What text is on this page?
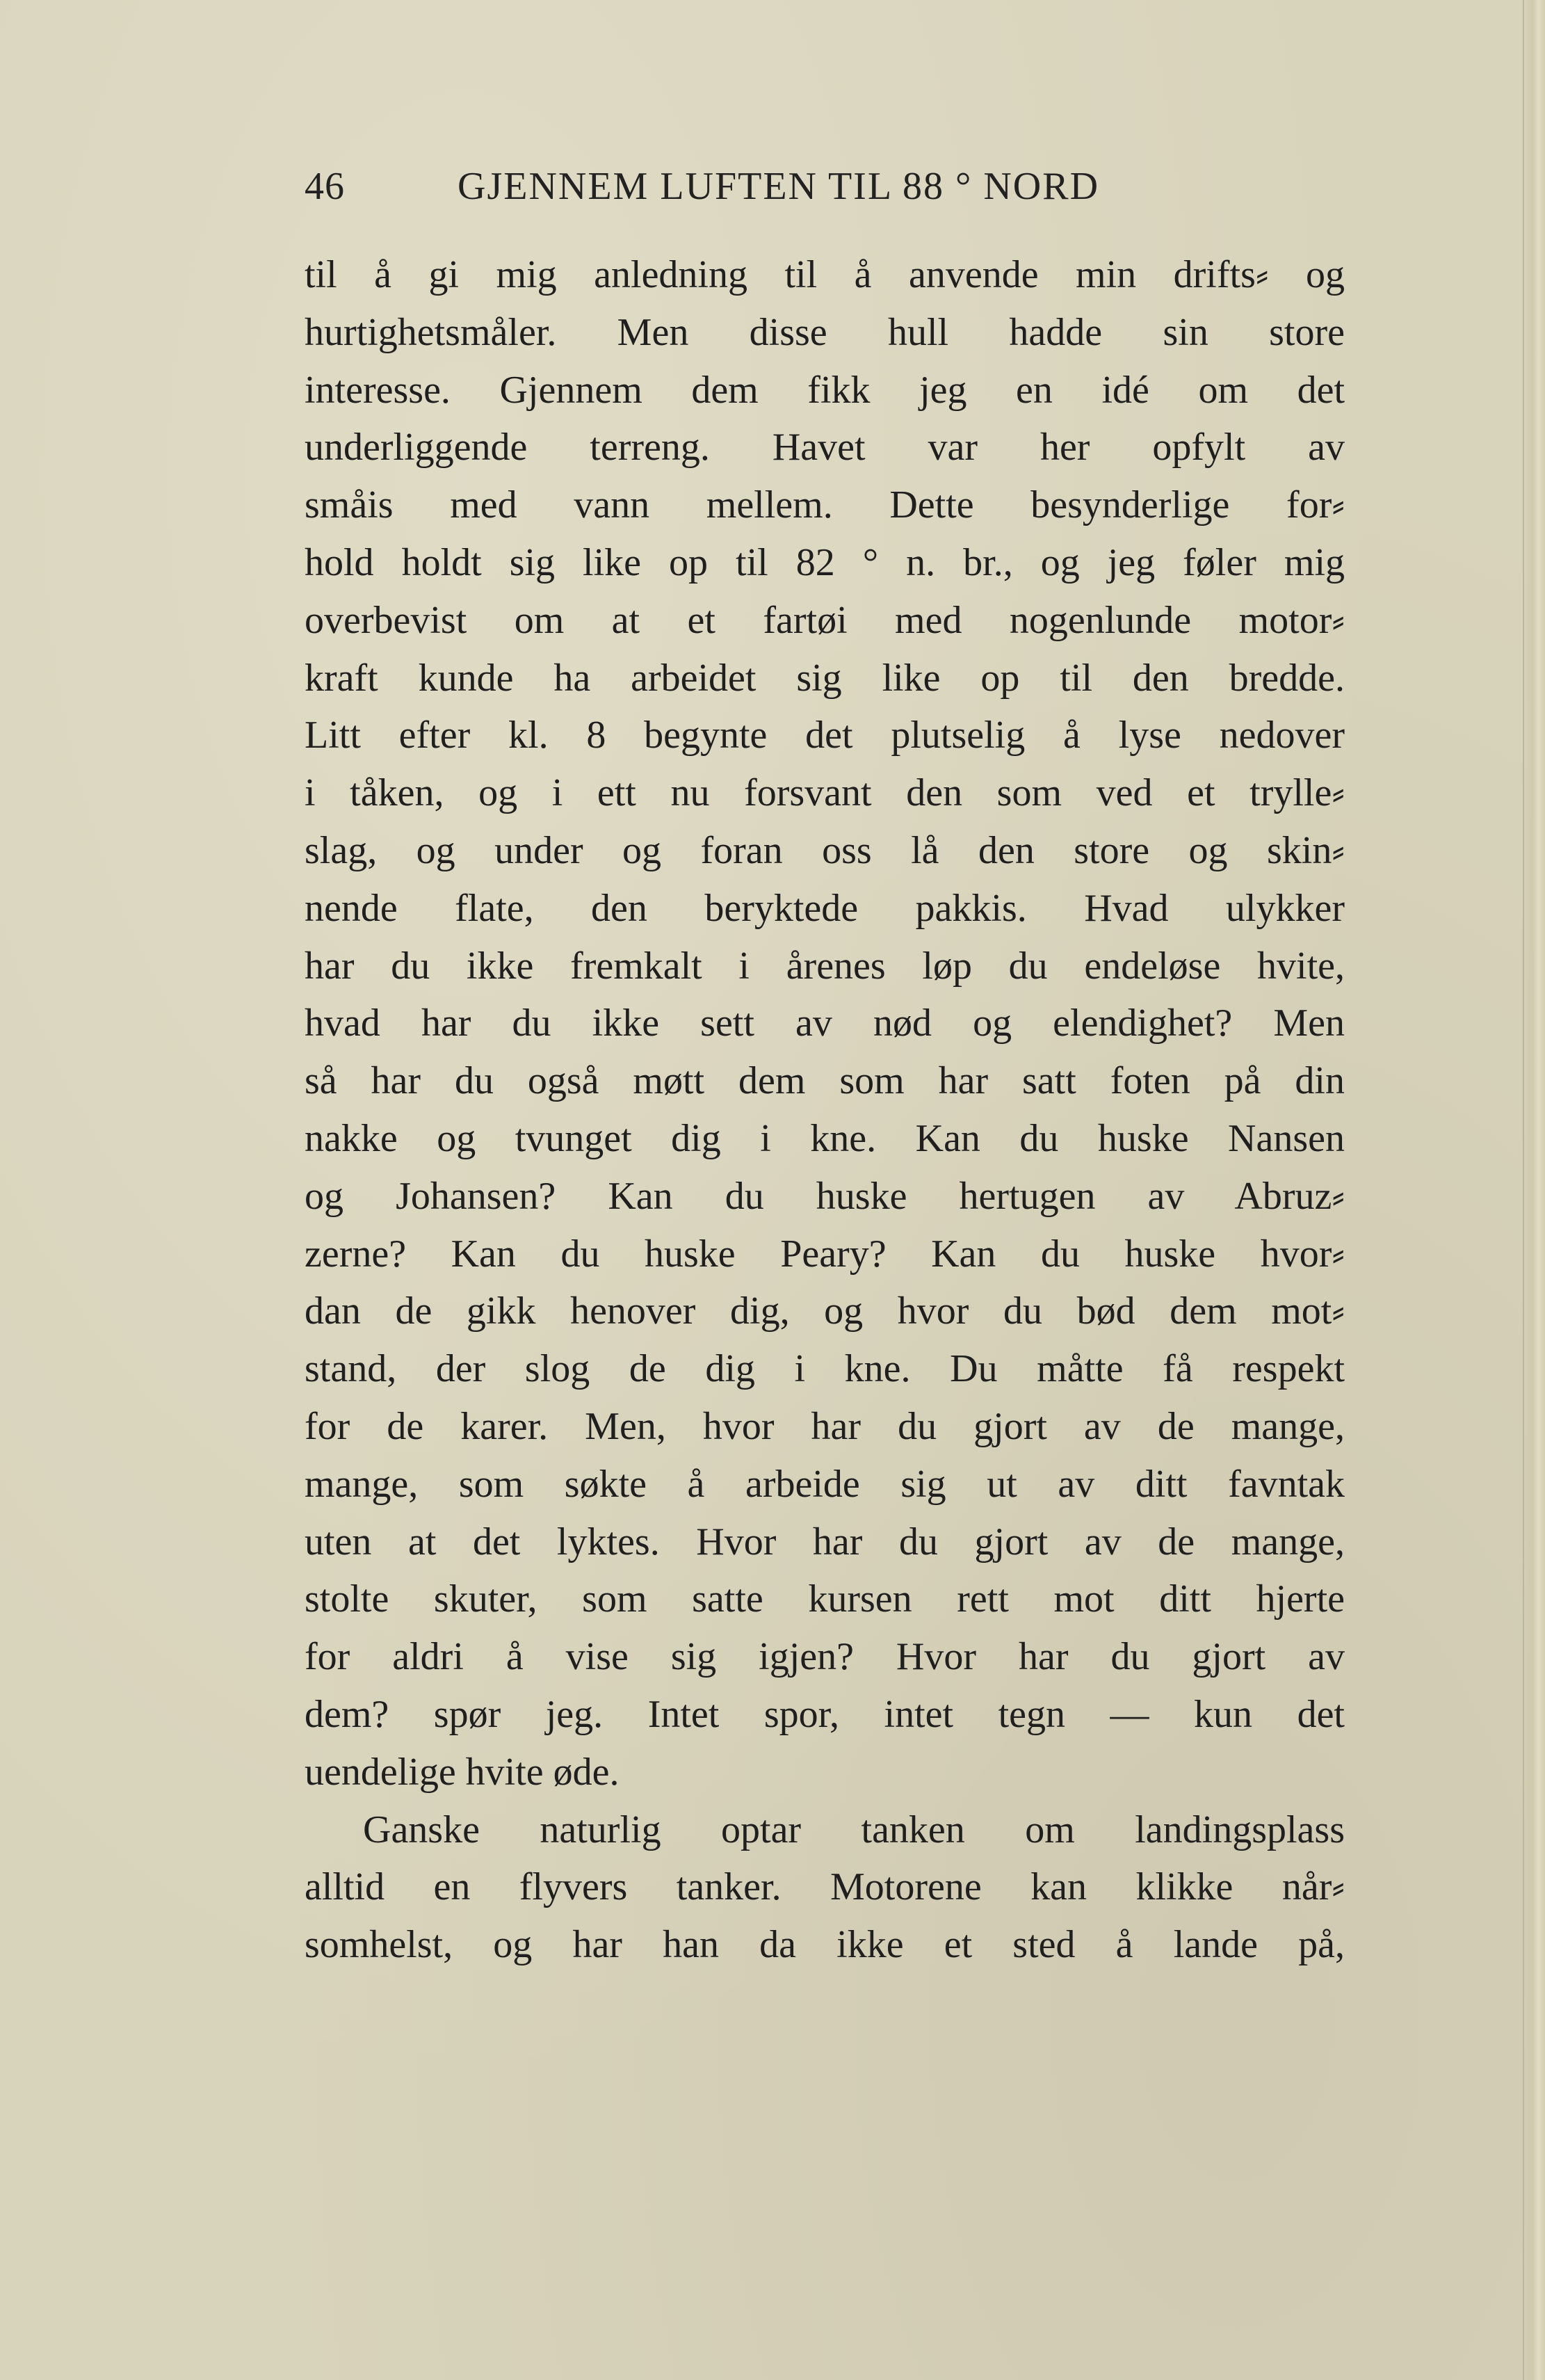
46	GJENNEM LUFTEN TIL 88 ° NORD
til å gi mig anledning til å anvende min drifts⸗ og
hurtighetsmåler. Men disse hull hadde sin store
interesse. Gjennem dem fikk jeg en idé om det
underliggende terreng. Havet var her opfylt av
småis med vann mellem. Dette besynderlige for⸗
hold holdt sig like op til 82 ° n. br., og jeg føler mig
overbevist om at et fartøi med nogenlunde motor⸗
kraft kunde ha arbeidet sig like op til den bredde.
Litt efter kl. 8 begynte det plutselig å lyse nedover
i tåken, og i ett nu forsvant den som ved et trylle⸗
slag, og under og foran oss lå den store og skin⸗
nende flate, den beryktede pakkis. Hvad ulykker
har du ikke fremkalt i årenes løp du endeløse hvite,
hvad har du ikke sett av nød og elendighet? Men
så har du også møtt dem som har satt foten på din
nakke og tvunget dig i kne. Kan du huske Nansen
og Johansen? Kan du huske hertugen av Abruz⸗
zerne? Kan du huske Peary? Kan du huske hvor⸗
dan de gikk henover dig, og hvor du bød dem mot⸗
stand, der slog de dig i kne. Du måtte få respekt
for de karer. Men, hvor har du gjort av de mange,
mange, som søkte å arbeide sig ut av ditt favntak
uten at det lyktes. Hvor har du gjort av de mange,
stolte skuter, som satte kursen rett mot ditt hjerte
for aldri å vise sig igjen? Hvor har du gjort av
dem? spør jeg. Intet spor, intet tegn — kun det
uendelige hvite øde.
Ganske naturlig optar tanken om landingsplass
alltid en flyvers tanker. Motorene kan klikke når⸗
somhelst, og har han da ikke et sted å lande på,
